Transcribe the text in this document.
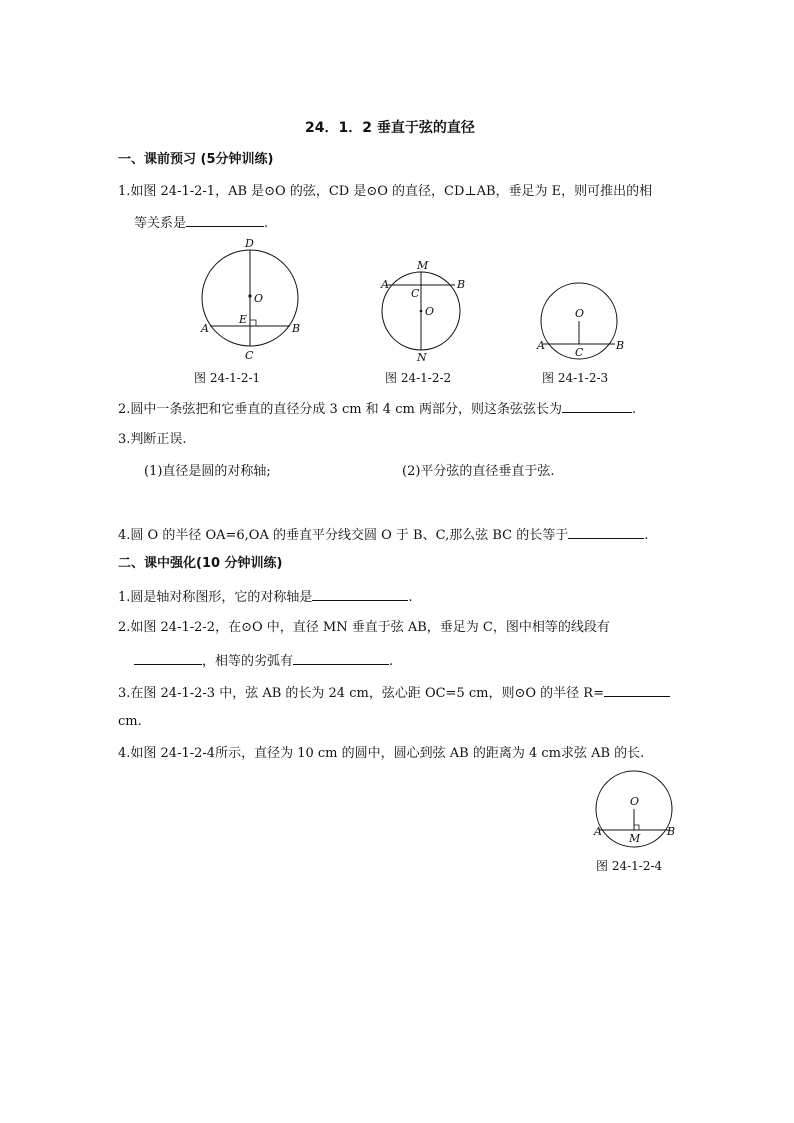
24．1．2 垂直于弦的直径
一、课前预习 (5分钟训练)
1.如图 24-1-2-1，AB 是⊙O 的弦，CD 是⊙O 的直径，CD⊥AB，垂足为 E，则可推出的相
等关系是	.
D
O
E
A	B
C
图 24-1-2-1
M
A	B
C
O
N
图 24-1-2-2
O
A
C
B
图 24-1-2-3
2.圆中一条弦把和它垂直的直径分成 3 cm 和 4 cm 两部分，则这条弦弦长为	.
3.判断正误.
(1)直径是圆的对称轴;	(2)平分弦的直径垂直于弦.
4.圆 O 的半径 OA=6,OA 的垂直平分线交圆 O 于 B、C,那么弦 BC 的长等于	.
二、课中强化(10 分钟训练)
1.圆是轴对称图形，它的对称轴是	.
2.如图 24-1-2-2，在⊙O 中，直径 MN 垂直于弦 AB，垂足为 C，图中相等的线段有
，相等的劣弧有	.
3.在图 24-1-2-3 中，弦 AB 的长为 24 cm，弦心距 OC=5 cm，则⊙O 的半径 R=
cm.
4.如图 24-1-2-4所示，直径为 10 cm 的圆中，圆心到弦 AB 的距离为 4 cm求弦 AB 的长.
O
A
M
B
图 24-1-2-4
